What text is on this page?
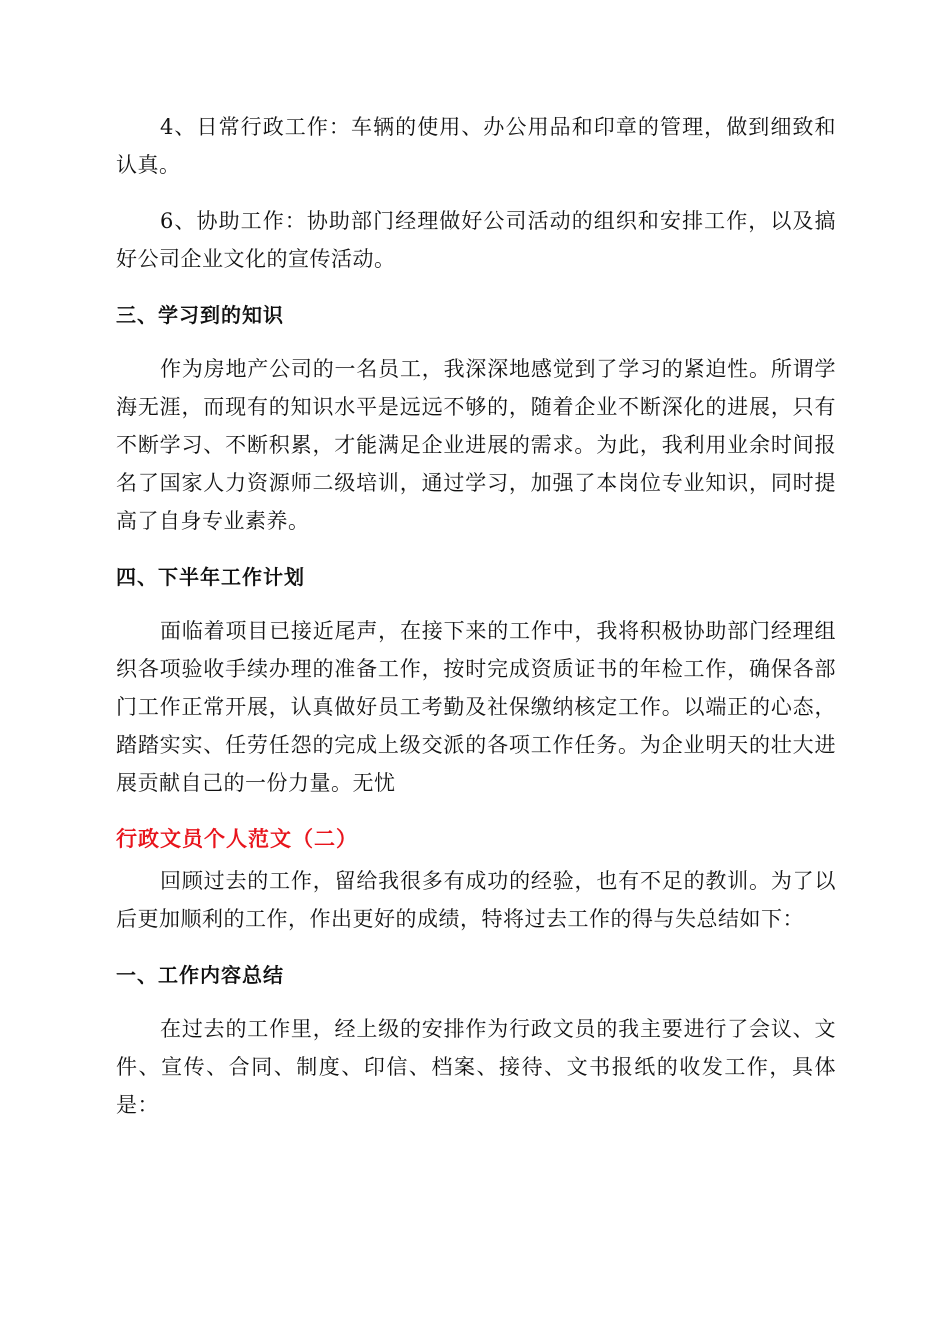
4、日常行政工作：车辆的使用、办公用品和印章的管理，做到细致和认真。

6、协助工作：协助部门经理做好公司活动的组织和安排工作，以及搞好公司企业文化的宣传活动。

三、学习到的知识

作为房地产公司的一名员工，我深深地感觉到了学习的紧迫性。所谓学海无涯，而现有的知识水平是远远不够的，随着企业不断深化的进展，只有不断学习、不断积累，才能满足企业进展的需求。为此，我利用业余时间报名了国家人力资源师二级培训，通过学习，加强了本岗位专业知识，同时提高了自身专业素养。

四、下半年工作计划

面临着项目已接近尾声，在接下来的工作中，我将积极协助部门经理组织各项验收手续办理的准备工作，按时完成资质证书的年检工作，确保各部门工作正常开展，认真做好员工考勤及社保缴纳核定工作。以端正的心态，踏踏实实、任劳任怨的完成上级交派的各项工作任务。为企业明天的壮大进展贡献自己的一份力量。无忧

行政文员个人范文（二）

回顾过去的工作，留给我很多有成功的经验，也有不足的教训。为了以后更加顺利的工作，作出更好的成绩，特将过去工作的得与失总结如下：

一、工作内容总结

在过去的工作里，经上级的安排作为行政文员的我主要进行了会议、文件、宣传、合同、制度、印信、档案、接待、文书报纸的收发工作，具体是：
